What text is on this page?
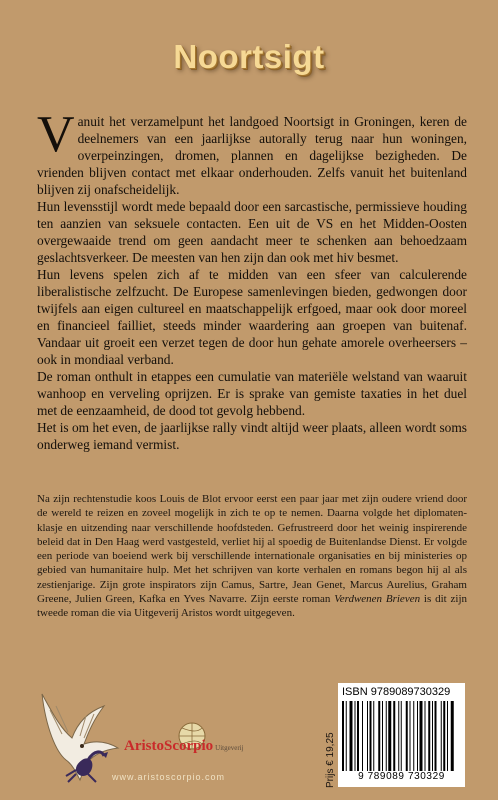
Noortsigt
V anuit het verzamelpunt het landgoed Noortsigt in Groningen, keren de deelnemers van een jaarlijkse autorally terug naar hun woningen, overpeinzingen, dromen, plannen en dagelijkse bezigheden. De vrienden blijven contact met elkaar onderhouden. Zelfs vanuit het buitenland blijven zij onafscheidelijk.

Hun levensstijl wordt mede bepaald door een sarcastische, permissieve houding ten aanzien van seksuele contacten. Een uit de VS en het Midden-Oosten overgewaaide trend om geen aandacht meer te schenken aan behoedzaam geslachtsverkeer. De meesten van hen zijn dan ook met hiv besmet.

Hun levens spelen zich af te midden van een sfeer van calculerende liberalistische zelfzucht. De Europese samenlevingen bieden, gedwongen door twijfels aan eigen cultureel en maatschappelijk erfgoed, maar ook door moreel en financieel failliet, steeds minder waardering aan groepen van buitenaf. Vandaar uit groeit een verzet tegen de door hun gehate amorele overheersers – ook in mondiaal verband.

De roman onthult in etappes een cumulatie van materiële welstand van waaruit wanhoop en verveling oprijzen. Er is sprake van gemiste taxaties in het duel met de eenzaamheid, de dood tot gevolg hebbend.

Het is om het even, de jaarlijkse rally vindt altijd weer plaats, alleen wordt soms onderweg iemand vermist.

Na zijn rechtenstudie koos Louis de Blot ervoor eerst een paar jaar met zijn oudere vriend door de wereld te reizen en zoveel mogelijk in zich te op te nemen. Daarna volgde het diplomaten-klasje en uitzending naar verschillende hoofdsteden. Gefrustreerd door het weinig inspirerende beleid dat in Den Haag werd vastgesteld, verliet hij al spoedig de Buitenlandse Dienst. Er volgde een periode van boeiend werk bij verschillende internationale organisaties en bij ministeries op gebied van humanitaire hulp. Met het schrijven van korte verhalen en romans begon hij al als zestienjarige. Zijn grote inspirators zijn Camus, Sartre, Jean Genet, Marcus Aurelius, Graham Greene, Julien Green, Kafka en Yves Navarre. Zijn eerste roman Verdwenen Brieven is dit zijn tweede roman die via Uitgeverij Aristos wordt uitgegeven.
AristoScorpio Uitgeverij
www.aristoscorpio.com	Prijs € 19,25
ISBN 9789089730329
9 789089 730329
